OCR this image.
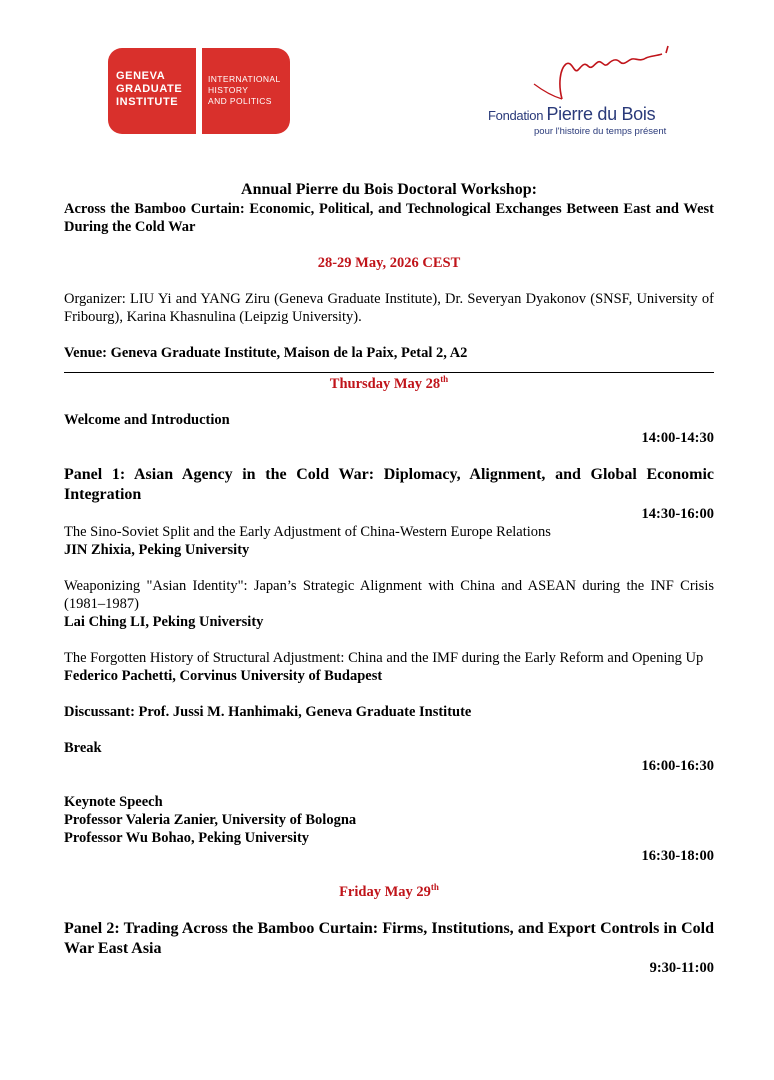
GENEVA
GRADUATE
INSTITUTE
INTERNATIONAL
HISTORY
AND POLITICS
Fondation Pierre du Bois
pour l'histoire du temps présent

Annual Pierre du Bois Doctoral Workshop:

Across the Bamboo Curtain: Economic, Political, and Technological Exchanges Between East and West During the Cold War

28-29 May, 2026 CEST

Organizer: LIU Yi and YANG Ziru (Geneva Graduate Institute), Dr. Severyan Dyakonov (SNSF, University of Fribourg), Karina Khasnulina (Leipzig University).

Venue: Geneva Graduate Institute, Maison de la Paix, Petal 2, A2

Thursday May 28th

Welcome and Introduction

14:00-14:30

Panel 1: Asian Agency in the Cold War: Diplomacy, Alignment, and Global Economic Integration

14:30-16:00

The Sino-Soviet Split and the Early Adjustment of China-Western Europe Relations

JIN Zhixia, Peking University

Weaponizing "Asian Identity": Japan’s Strategic Alignment with China and ASEAN during the INF Crisis (1981–1987)

Lai Ching LI, Peking University

The Forgotten History of Structural Adjustment: China and the IMF during the Early Reform and Opening Up

Federico Pachetti, Corvinus University of Budapest

Discussant: Prof. Jussi M. Hanhimaki, Geneva Graduate Institute

Break

16:00-16:30

Keynote Speech

Professor Valeria Zanier, University of Bologna

Professor Wu Bohao, Peking University

16:30-18:00

Friday May 29th

Panel 2: Trading Across the Bamboo Curtain: Firms, Institutions, and Export Controls in Cold War East Asia

9:30-11:00
